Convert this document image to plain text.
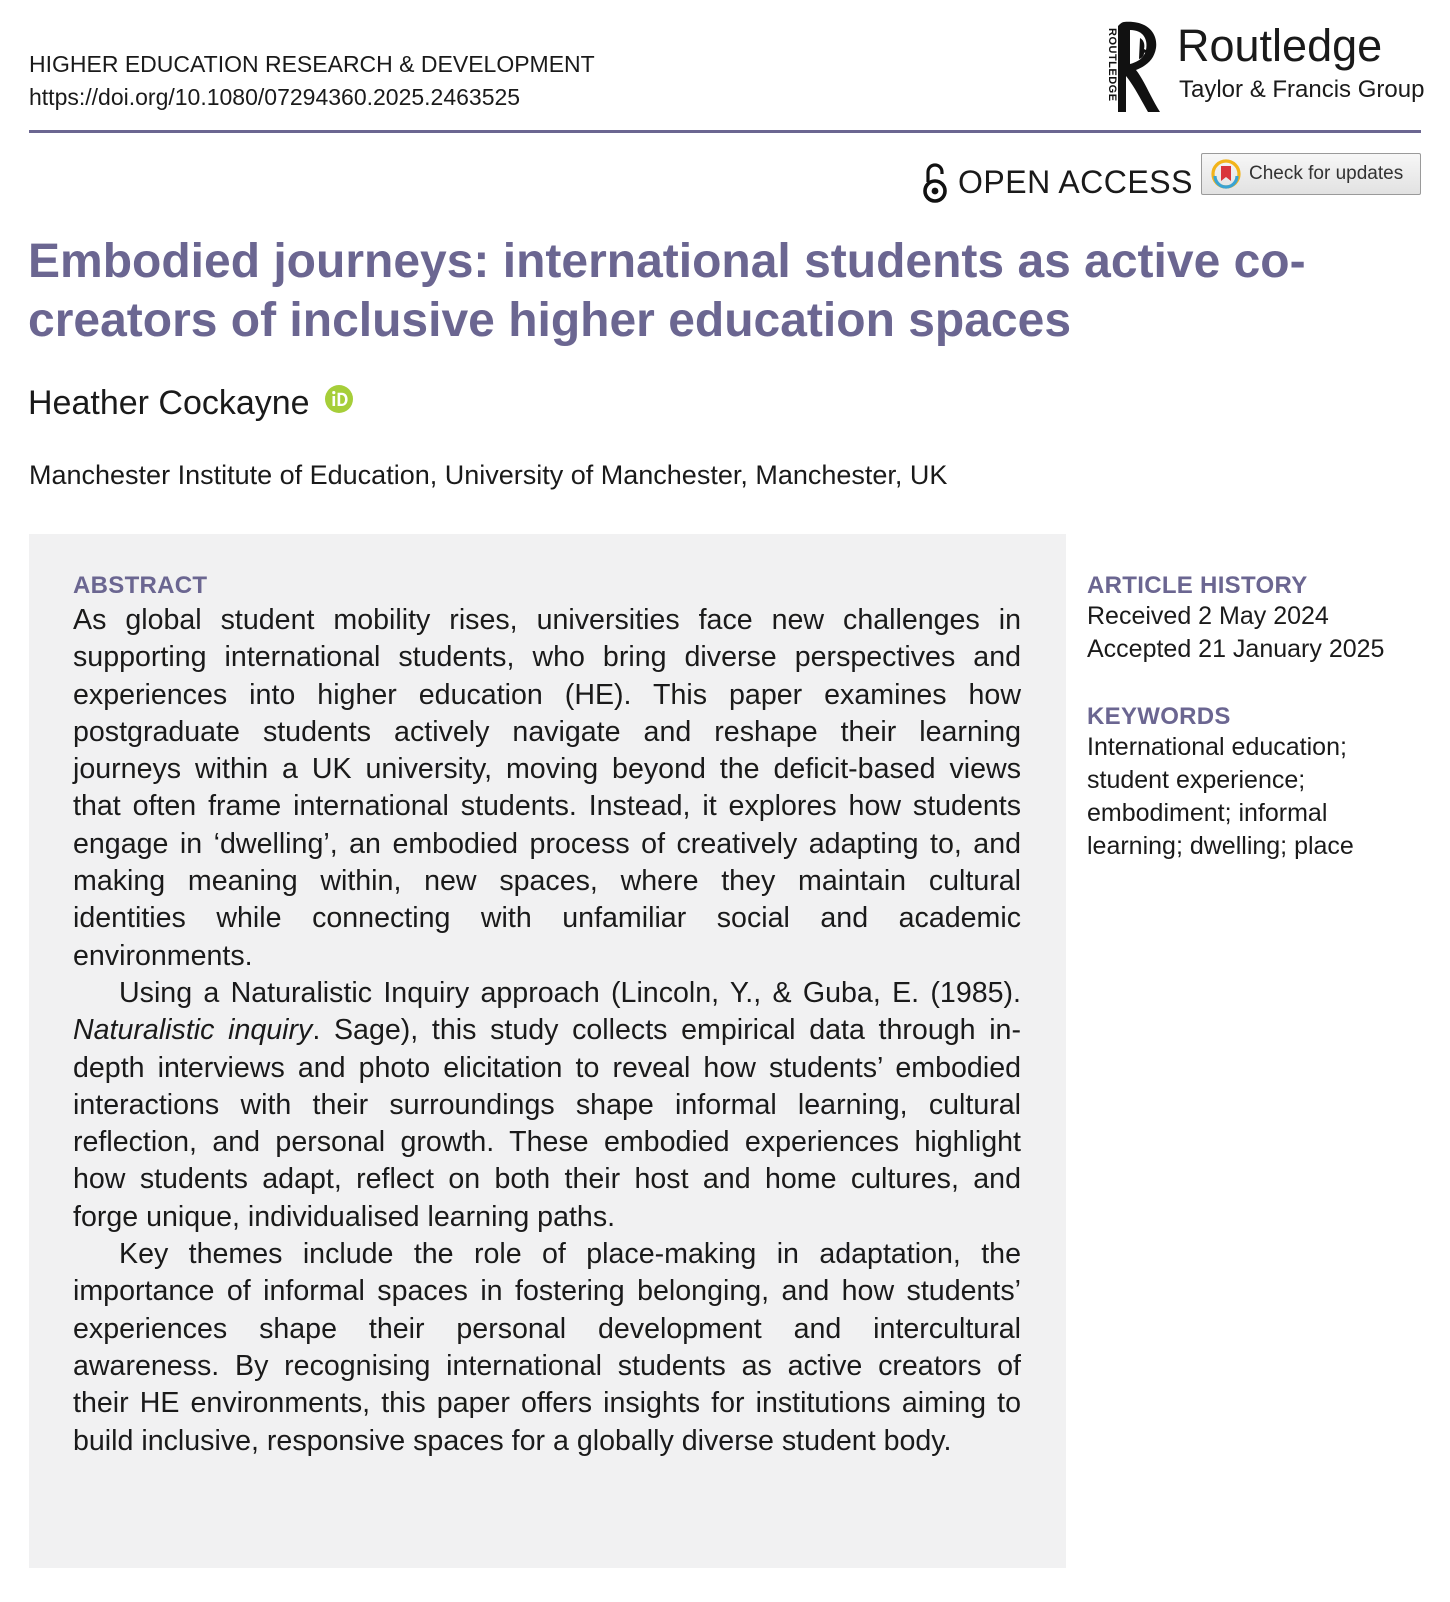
HIGHER EDUCATION RESEARCH & DEVELOPMENT
https://doi.org/10.1080/07294360.2025.2463525	ROUTLEDGE Routledge
Taylor & Francis Group
OPEN ACCESS	Check for updates
Embodied journeys: international students as active co-creators of inclusive higher education spaces
Heather Cockayne
Manchester Institute of Education, University of Manchester, Manchester, UK
ABSTRACT

As global student mobility rises, universities face new challenges in supporting international students, who bring diverse perspectives and experiences into higher education (HE). This paper examines how postgraduate students actively navigate and reshape their learning journeys within a UK university, moving beyond the deficit-based views that often frame international students. Instead, it explores how students engage in ‘dwelling’, an embodied process of creatively adapting to, and making meaning within, new spaces, where they maintain cultural identities while connecting with unfamiliar social and academic environments.

Using a Naturalistic Inquiry approach (Lincoln, Y., & Guba, E. (1985). Naturalistic inquiry. Sage), this study collects empirical data through in-depth interviews and photo elicitation to reveal how students’ embodied interactions with their surroundings shape informal learning, cultural reflection, and personal growth. These embodied experiences highlight how students adapt, reflect on both their host and home cultures, and forge unique, individualised learning paths.

Key themes include the role of place-making in adaptation, the importance of informal spaces in fostering belonging, and how students’ experiences shape their personal development and intercultural awareness. By recognising international students as active creators of their HE environments, this paper offers insights for institutions aiming to build inclusive, responsive spaces for a globally diverse student body.

ARTICLE HISTORY
Received 2 May 2024
Accepted 21 January 2025
KEYWORDS
International education;
student experience;
embodiment; informal
learning; dwelling; place
